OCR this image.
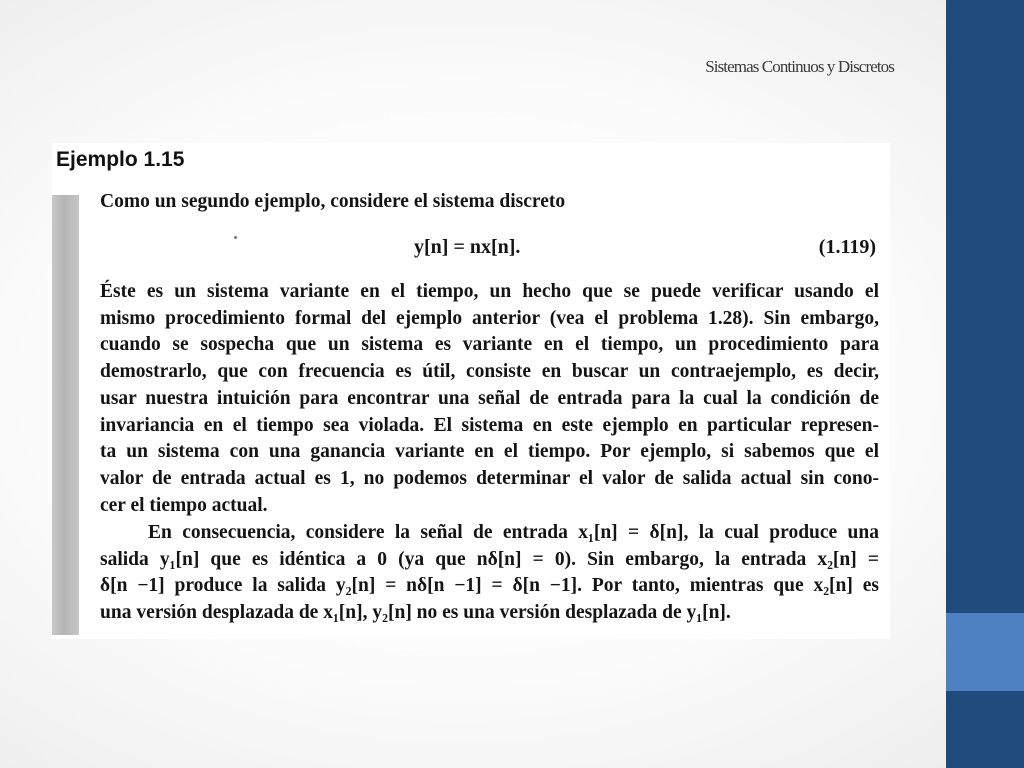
Sistemas Continuos y Discretos
Ejemplo 1.15
Como un segundo ejemplo, considere el sistema discreto
y[n] = nx[n].	(1.119)
Éste es un sistema variante en el tiempo, un hecho que se puede verificar usando el
mismo procedimiento formal del ejemplo anterior (vea el problema 1.28). Sin embargo,
cuando se sospecha que un sistema es variante en el tiempo, un procedimiento para
demostrarlo, que con frecuencia es útil, consiste en buscar un contraejemplo, es decir,
usar nuestra intuición para encontrar una señal de entrada para la cual la condición de
invariancia en el tiempo sea violada. El sistema en este ejemplo en particular represen-
ta un sistema con una ganancia variante en el tiempo. Por ejemplo, si sabemos que el
valor de entrada actual es 1, no podemos determinar el valor de salida actual sin cono-
cer el tiempo actual.
En consecuencia, considere la señal de entrada x₁[n] = δ[n], la cual produce una
salida y₁[n] que es idéntica a 0 (ya que nδ[n] = 0). Sin embargo, la entrada x₂[n] =
δ[n −1] produce la salida y₂[n] = nδ[n −1] = δ[n −1]. Por tanto, mientras que x₂[n] es
una versión desplazada de x₁[n], y₂[n] no es una versión desplazada de y₁[n].
